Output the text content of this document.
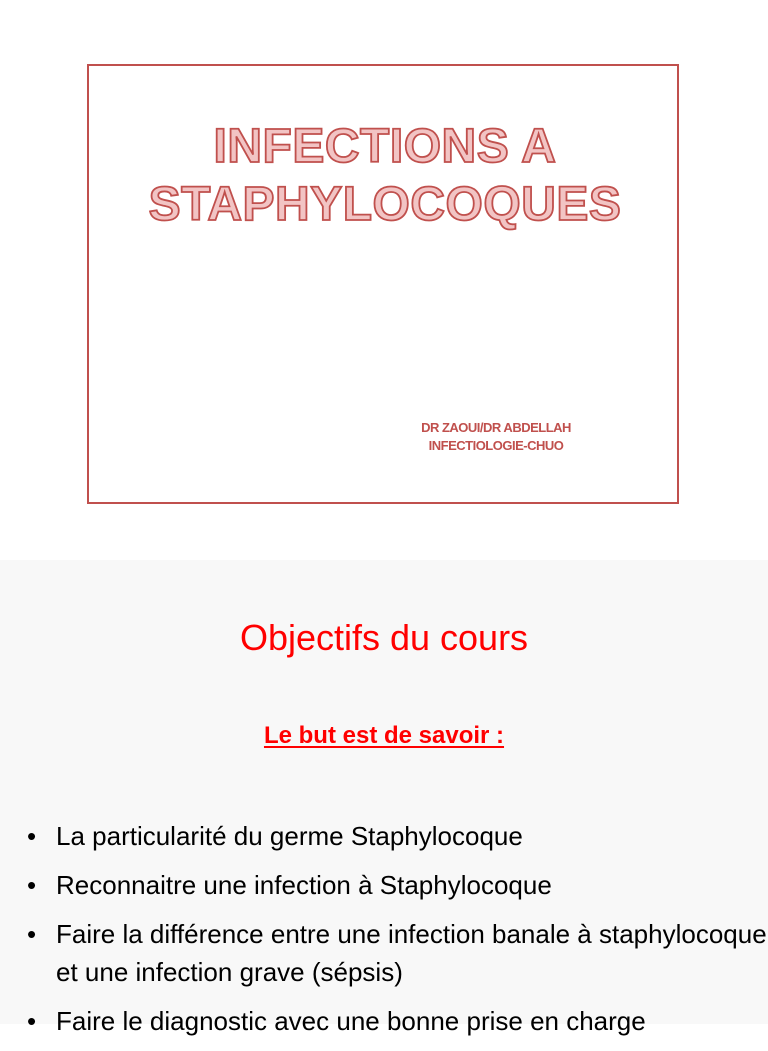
INFECTIONS A
STAPHYLOCOQUES
DR ZAOUI/DR ABDELLAH
INFECTIOLOGIE-CHUO
Objectifs du cours
Le but est de savoir :
• La particularité du germe Staphylocoque
• Reconnaitre une infection à Staphylocoque
• Faire la différence entre une infection banale à staphylocoque et une infection grave (sépsis)
• Faire le diagnostic avec une bonne prise en charge
